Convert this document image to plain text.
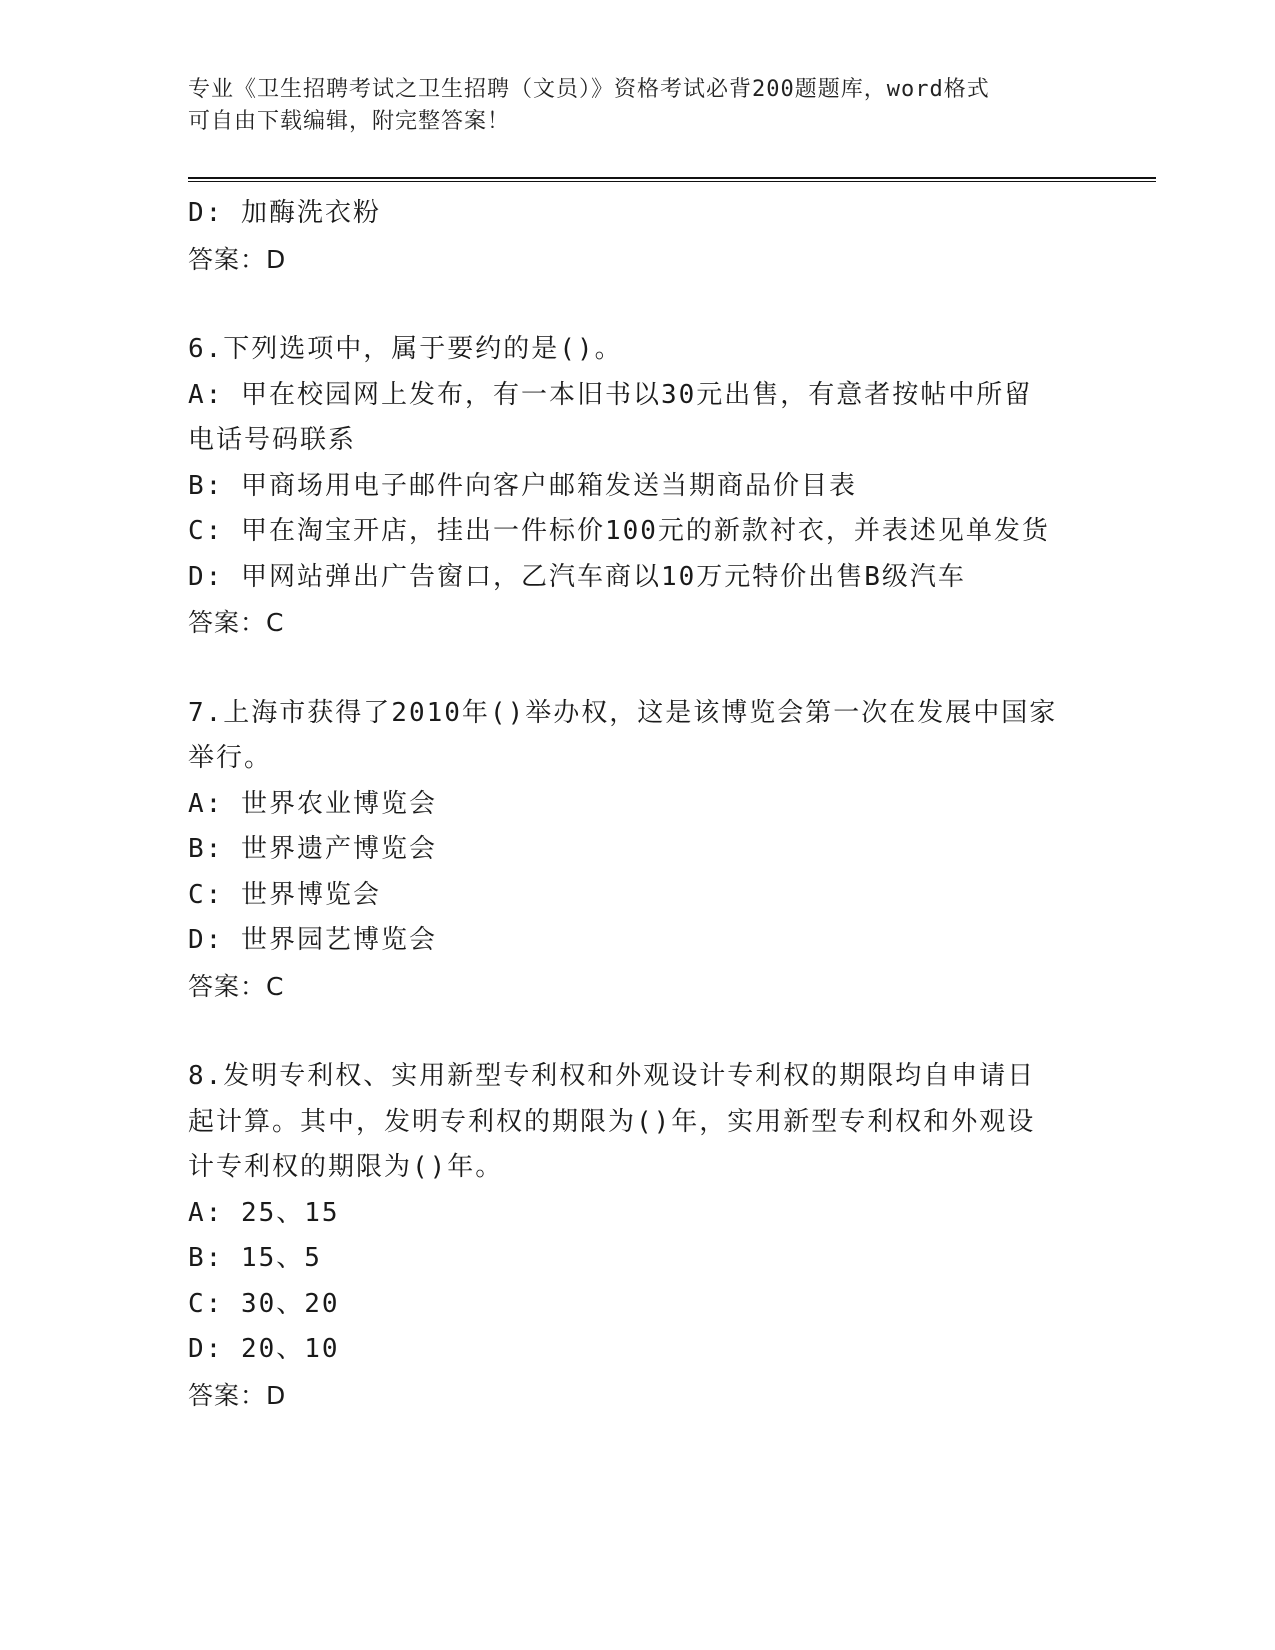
专业《卫生招聘考试之卫生招聘（文员）》资格考试必背200题题库，word格式
可自由下载编辑，附完整答案！
D: 加酶洗衣粉
答案：D
6.下列选项中，属于要约的是()。
A: 甲在校园网上发布，有一本旧书以30元出售，有意者按帖中所留
电话号码联系
B: 甲商场用电子邮件向客户邮箱发送当期商品价目表
C: 甲在淘宝开店，挂出一件标价100元的新款衬衣，并表述见单发货
D: 甲网站弹出广告窗口，乙汽车商以10万元特价出售B级汽车
答案：C
7.上海市获得了2010年()举办权，这是该博览会第一次在发展中国家
举行。
A: 世界农业博览会
B: 世界遗产博览会
C: 世界博览会
D: 世界园艺博览会
答案：C
8.发明专利权、实用新型专利权和外观设计专利权的期限均自申请日
起计算。其中，发明专利权的期限为()年，实用新型专利权和外观设
计专利权的期限为()年。
A: 25、15
B: 15、5
C: 30、20
D: 20、10
答案：D
